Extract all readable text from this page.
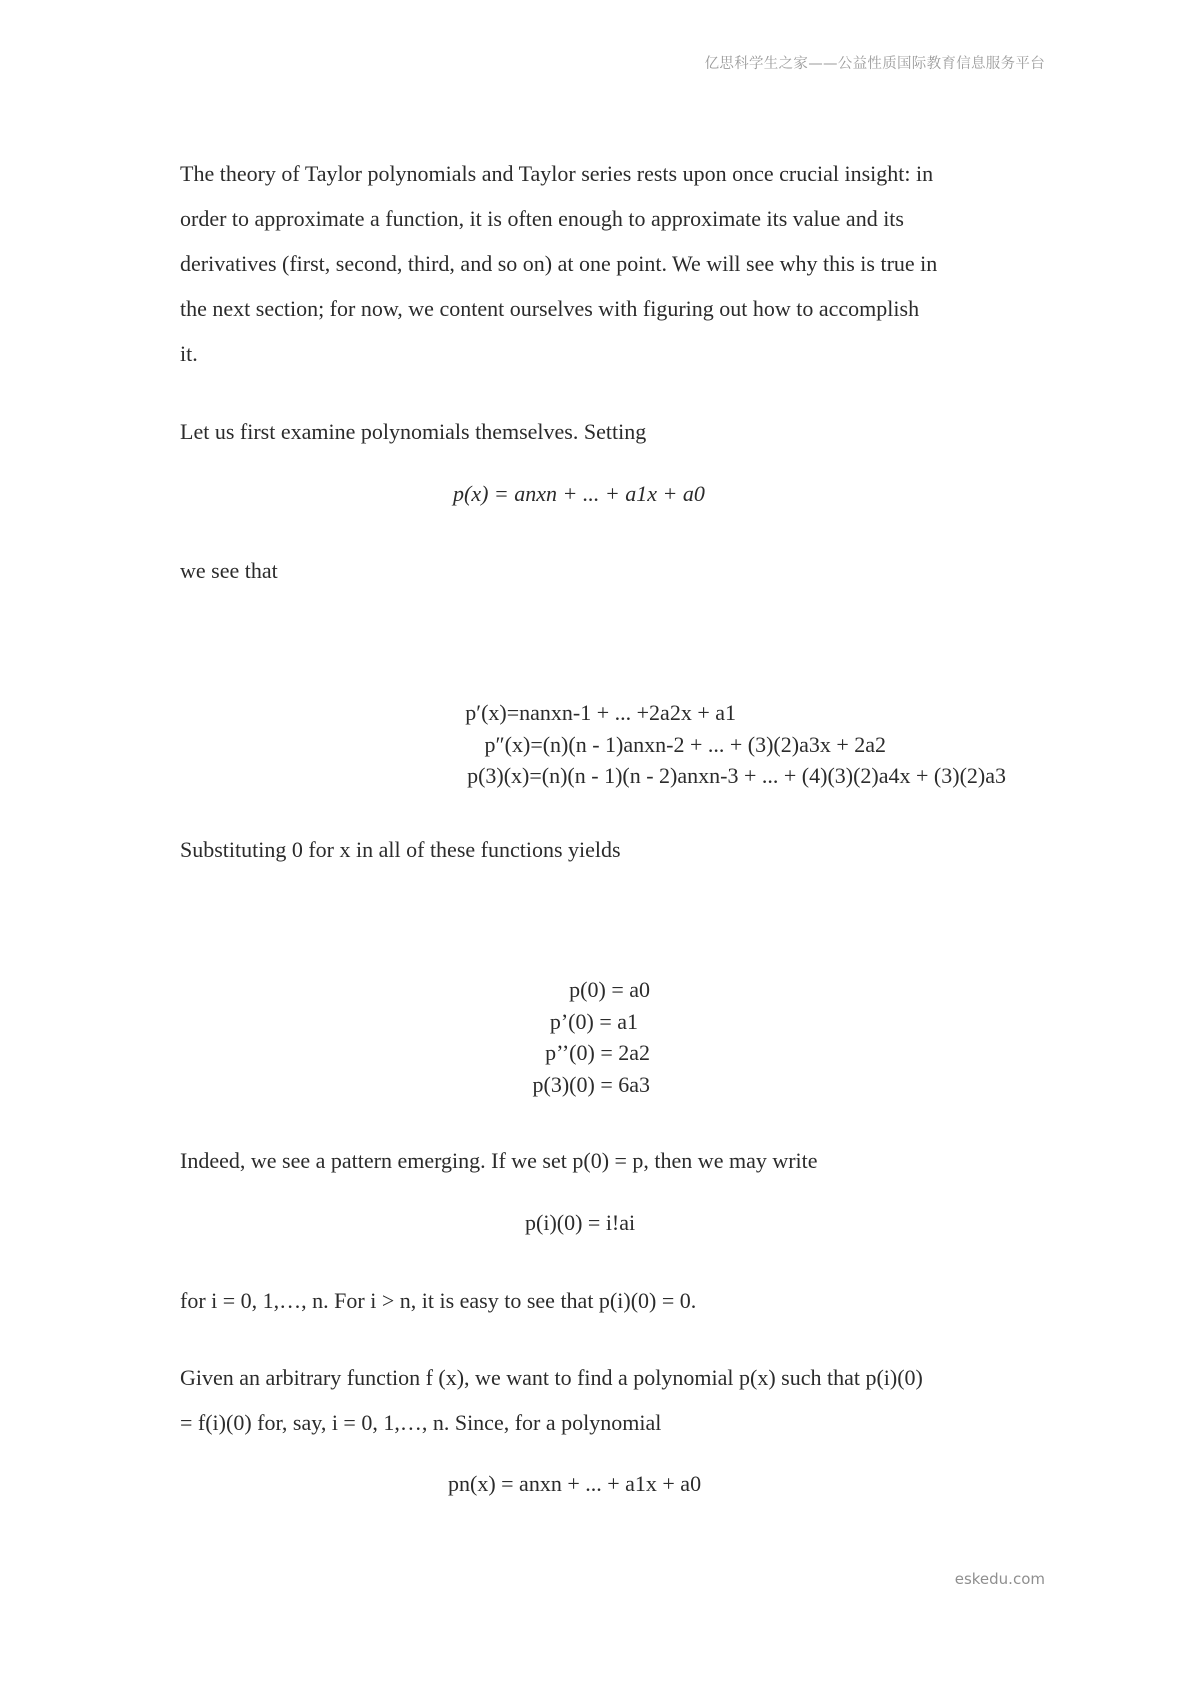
亿思科学生之家——公益性质国际教育信息服务平台
The theory of Taylor polynomials and Taylor series rests upon once crucial insight: in
order to approximate a function, it is often enough to approximate its value and its
derivatives (first, second, third, and so on) at one point. We will see why this is true in
the next section; for now, we content ourselves with figuring out how to accomplish
it.
Let us first examine polynomials themselves. Setting
p(x) = anxn + ... + a1x + a0
we see that
p′(x)=nanxn-1 + ... +2a2x + a1
p″(x)=(n)(n - 1)anxn-2 + ... + (3)(2)a3x + 2a2
p(3)(x)=(n)(n - 1)(n - 2)anxn-3 + ... + (4)(3)(2)a4x + (3)(2)a3
Substituting 0 for x in all of these functions yields
p(0) = a0
p’(0) = a1
p’’(0) = 2a2
p(3)(0) = 6a3
Indeed, we see a pattern emerging. If we set p(0) = p, then we may write
p(i)(0) = i!ai
for i = 0, 1,…, n. For i > n, it is easy to see that p(i)(0) = 0.
Given an arbitrary function f (x), we want to find a polynomial p(x) such that p(i)(0)
= f(i)(0) for, say, i = 0, 1,…, n. Since, for a polynomial
pn(x) = anxn + ... + a1x + a0
eskedu.com
